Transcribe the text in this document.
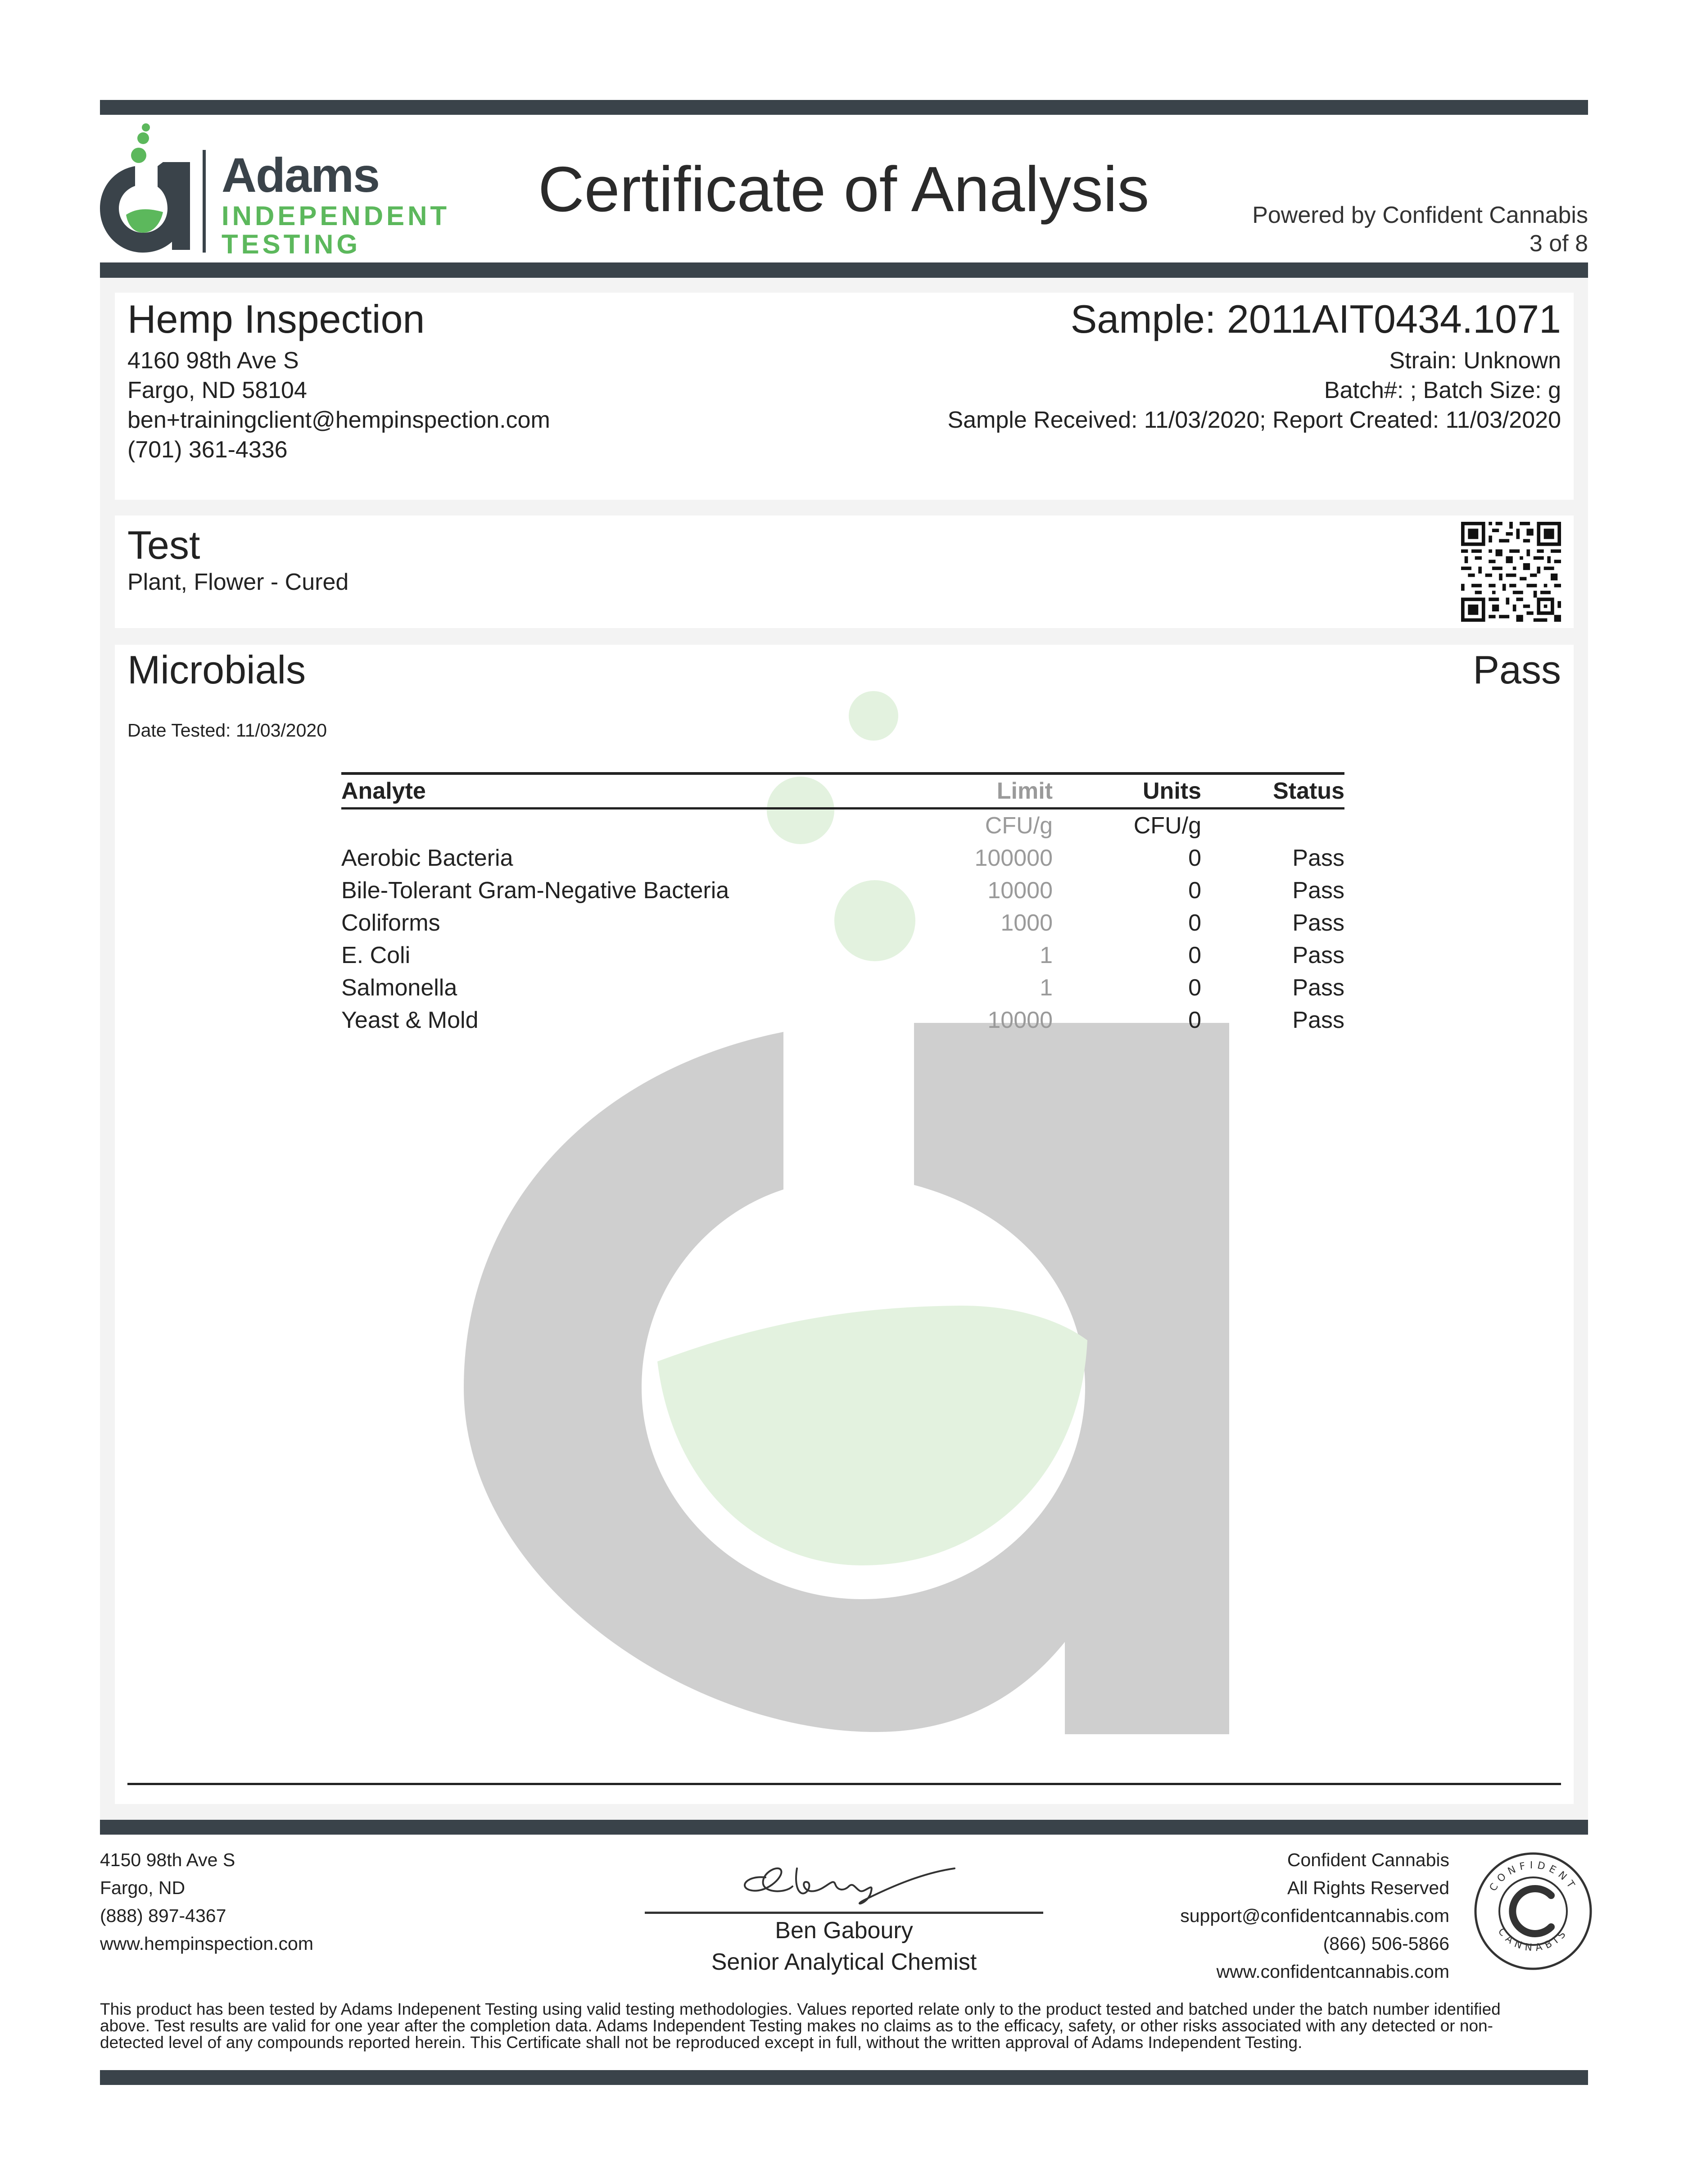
Adams
INDEPENDENT
TESTING
Certificate of Analysis	Powered by Confident Cannabis
3 of 8
Hemp Inspection
4160 98th Ave S
Fargo, ND 58104
ben+trainingclient@hempinspection.com
(701) 361-4336
Sample: 2011AIT0434.1071
Strain: Unknown
Batch#: ; Batch Size: g
Sample Received: 11/03/2020; Report Created: 11/03/2020
Test
Plant, Flower - Cured
Microbials	Pass
Date Tested: 11/03/2020
Analyte	Limit	Units	Status
	CFU/g	CFU/g	
Aerobic Bacteria	100000	0	Pass
Bile-Tolerant Gram-Negative Bacteria	10000	0	Pass
Coliforms	1000	0	Pass
E. Coli	1	0	Pass
Salmonella	1	0	Pass
Yeast & Mold	10000	0	Pass
4150 98th Ave S
Fargo, ND
(888) 897-4367
www.hempinspection.com	Ben Gaboury
Senior Analytical Chemist
Confident Cannabis
All Rights Reserved
support@confidentcannabis.com
(866) 506-5866
www.confidentcannabis.com
CONFIDENT
CANNABIS
This product has been tested by Adams Indepenent Testing using valid testing methodologies. Values reported relate only to the product tested and batched under the batch number identified
above. Test results are valid for one year after the completion data. Adams Independent Testing makes no claims as to the efficacy, safety, or other risks associated with any detected or non-
detected level of any compounds reported herein. This Certificate shall not be reproduced except in full, without the written approval of Adams Independent Testing.
